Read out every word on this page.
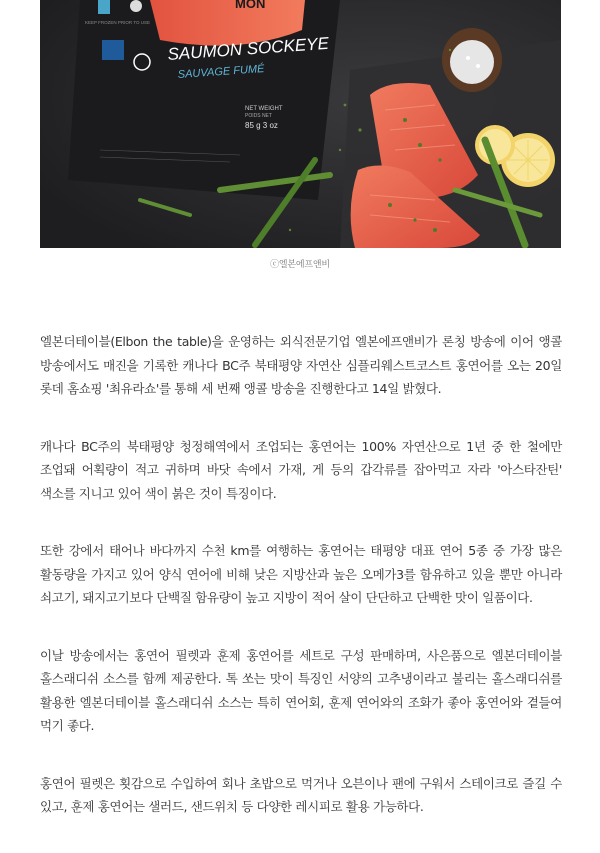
MON
SAUMON SOCKEYE
SAUVAGE FUMÉ
KEEP FROZEN PRIOR TO USE
NET WEIGHT
POIDS NET
85 g 3 oz
ⓒ엘본에프앤비

엘본더테이블(Elbon the table)을 운영하는 외식전문기업 엘본에프앤비가 론칭 방송에 이어 앵콜 방송에서도 매진을 기록한 캐나다 BC주 북태평양 자연산 심플리웨스트코스트 홍연어를 오는 20일 롯데 홈쇼핑 '최유라쇼'를 통해 세 번째 앵콜 방송을 진행한다고 14일 밝혔다.

캐나다 BC주의 북태평양 청정해역에서 조업되는 홍연어는 100% 자연산으로 1년 중 한 철에만 조업돼 어획량이 적고 귀하며 바닷 속에서 가재, 게 등의 갑각류를 잡아먹고 자라 '아스타잔틴' 색소를 지니고 있어 색이 붉은 것이 특징이다.

또한 강에서 태어나 바다까지 수천 km를 여행하는 홍연어는 태평양 대표 연어 5종 중 가장 많은 활동량을 가지고 있어 양식 연어에 비해 낮은 지방산과 높은 오메가3를 함유하고 있을 뿐만 아니라 쇠고기, 돼지고기보다 단백질 함유량이 높고 지방이 적어 살이 단단하고 단백한 맛이 일품이다.

이날 방송에서는 홍연어 필렛과 훈제 홍연어를 세트로 구성 판매하며, 사은품으로 엘본더테이블 홀스래디쉬 소스를 함께 제공한다. 톡 쏘는 맛이 특징인 서양의 고추냉이라고 불리는 홀스래디쉬를 활용한 엘본더테이블 홀스래디쉬 소스는 특히 연어회, 훈제 연어와의 조화가 좋아 홍연어와 곁들여 먹기 좋다.

홍연어 필렛은 횟감으로 수입하여 회나 초밥으로 먹거나 오븐이나 팬에 구워서 스테이크로 즐길 수 있고, 훈제 홍연어는 샐러드, 샌드위치 등 다양한 레시피로 활용 가능하다.
